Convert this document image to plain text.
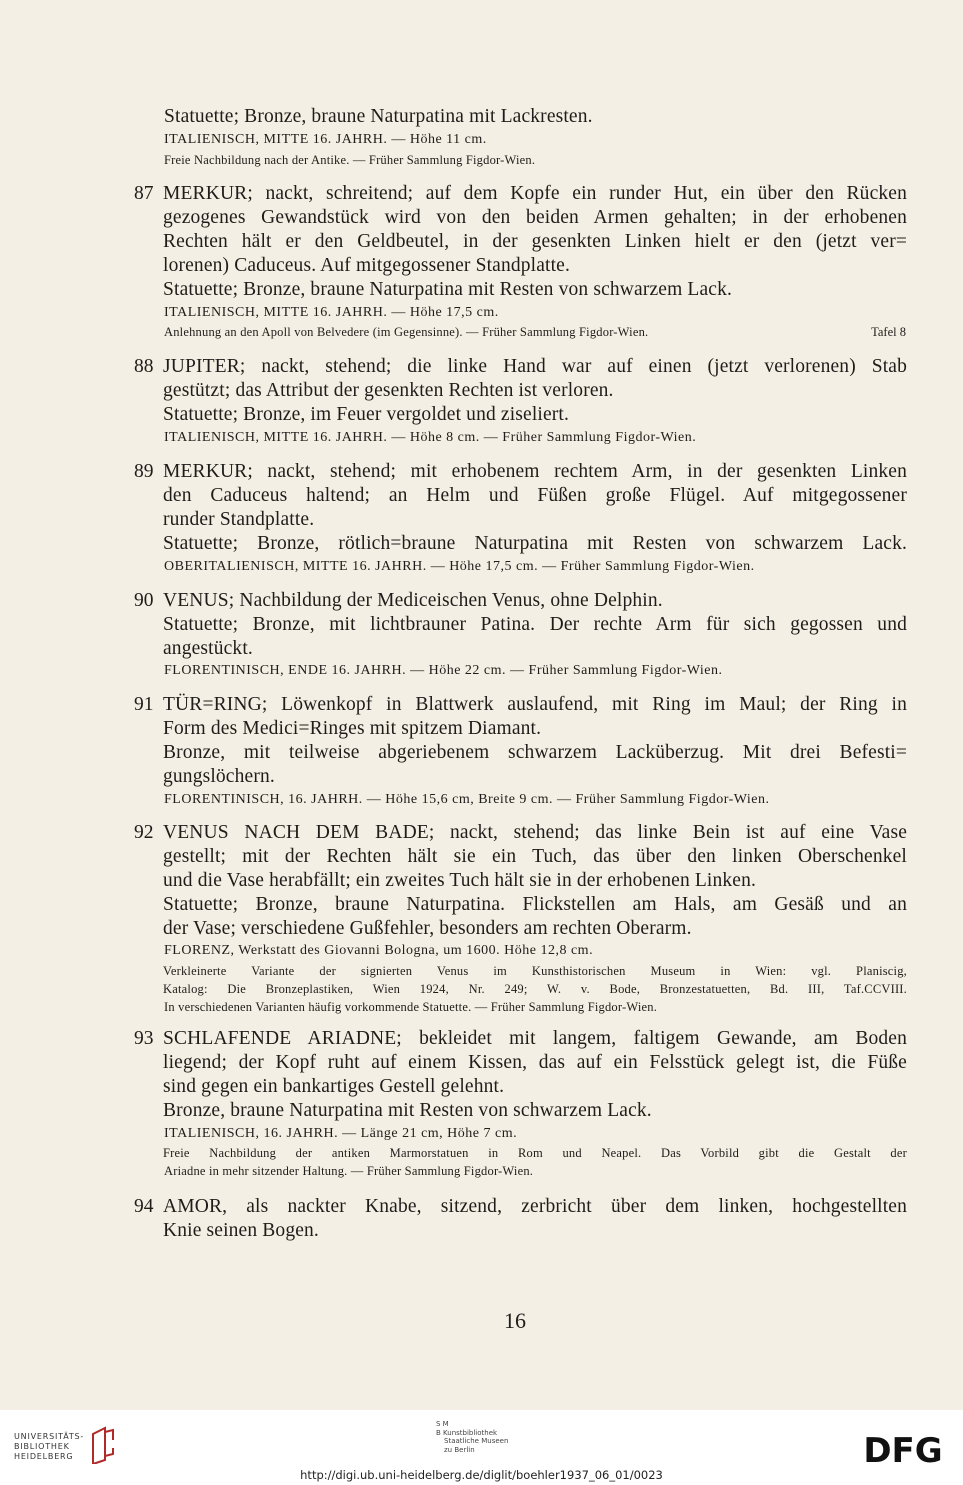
Statuette; Bronze, braune Naturpatina mit Lackresten.
ITALIENISCH, MITTE 16. JAHRH. — Höhe 11 cm.
Freie Nachbildung nach der Antike. — Früher Sammlung Figdor-Wien.
87 MERKUR; nackt, schreitend; auf dem Kopfe ein runder Hut, ein über den Rücken
gezogenes Gewandstück wird von den beiden Armen gehalten; in der erhobenen
Rechten hält er den Geldbeutel, in der gesenkten Linken hielt er den (jetzt ver=
lorenen) Caduceus. Auf mitgegossener Standplatte.
Statuette; Bronze, braune Naturpatina mit Resten von schwarzem Lack.
ITALIENISCH, MITTE 16. JAHRH. — Höhe 17,5 cm.
Anlehnung an den Apoll von Belvedere (im Gegensinne). — Früher Sammlung Figdor-Wien.	Tafel 8
88 JUPITER; nackt, stehend; die linke Hand war auf einen (jetzt verlorenen) Stab
gestützt; das Attribut der gesenkten Rechten ist verloren.
Statuette; Bronze, im Feuer vergoldet und ziseliert.
ITALIENISCH, MITTE 16. JAHRH. — Höhe 8 cm. — Früher Sammlung Figdor-Wien.
89 MERKUR; nackt, stehend; mit erhobenem rechtem Arm, in der gesenkten Linken
den Caduceus haltend; an Helm und Füßen große Flügel. Auf mitgegossener
runder Standplatte.
Statuette; Bronze, rötlich=braune Naturpatina mit Resten von schwarzem Lack.
OBERITALIENISCH, MITTE 16. JAHRH. — Höhe 17,5 cm. — Früher Sammlung Figdor-Wien.
90 VENUS; Nachbildung der Mediceischen Venus, ohne Delphin.
Statuette; Bronze, mit lichtbrauner Patina. Der rechte Arm für sich gegossen und
angestückt.
FLORENTINISCH, ENDE 16. JAHRH. — Höhe 22 cm. — Früher Sammlung Figdor-Wien.
91 TÜR=RING; Löwenkopf in Blattwerk auslaufend, mit Ring im Maul; der Ring in
Form des Medici=Ringes mit spitzem Diamant.
Bronze, mit teilweise abgeriebenem schwarzem Lacküberzug. Mit drei Befesti=
gungslöchern.
FLORENTINISCH, 16. JAHRH. — Höhe 15,6 cm, Breite 9 cm. — Früher Sammlung Figdor-Wien.
92 VENUS NACH DEM BADE; nackt, stehend; das linke Bein ist auf eine Vase
gestellt; mit der Rechten hält sie ein Tuch, das über den linken Oberschenkel
und die Vase herabfällt; ein zweites Tuch hält sie in der erhobenen Linken.
Statuette; Bronze, braune Naturpatina. Flickstellen am Hals, am Gesäß und an
der Vase; verschiedene Gußfehler, besonders am rechten Oberarm.
FLORENZ, Werkstatt des Giovanni Bologna, um 1600. Höhe 12,8 cm.
Verkleinerte Variante der signierten Venus im Kunsthistorischen Museum in Wien: vgl. Planiscig,
Katalog: Die Bronzeplastiken, Wien 1924, Nr. 249; W. v. Bode, Bronzestatuetten, Bd. III, Taf.CCVIII.
In verschiedenen Varianten häufig vorkommende Statuette. — Früher Sammlung Figdor-Wien.
93 SCHLAFENDE ARIADNE; bekleidet mit langem, faltigem Gewande, am Boden
liegend; der Kopf ruht auf einem Kissen, das auf ein Felsstück gelegt ist, die Füße
sind gegen ein bankartiges Gestell gelehnt.
Bronze, braune Naturpatina mit Resten von schwarzem Lack.
ITALIENISCH, 16. JAHRH. — Länge 21 cm, Höhe 7 cm.
Freie Nachbildung der antiken Marmorstatuen in Rom und Neapel. Das Vorbild gibt die Gestalt der
Ariadne in mehr sitzender Haltung. — Früher Sammlung Figdor-Wien.
94 AMOR, als nackter Knabe, sitzend, zerbricht über dem linken, hochgestellten
Knie seinen Bogen.
16
UNIVERSITÄTS-
BIBLIOTHEK
HEIDELBERG
S M
B Kunstbibliothek
Staatliche Museen
zu Berlin	DFG
http://digi.ub.uni-heidelberg.de/diglit/boehler1937_06_01/0023
